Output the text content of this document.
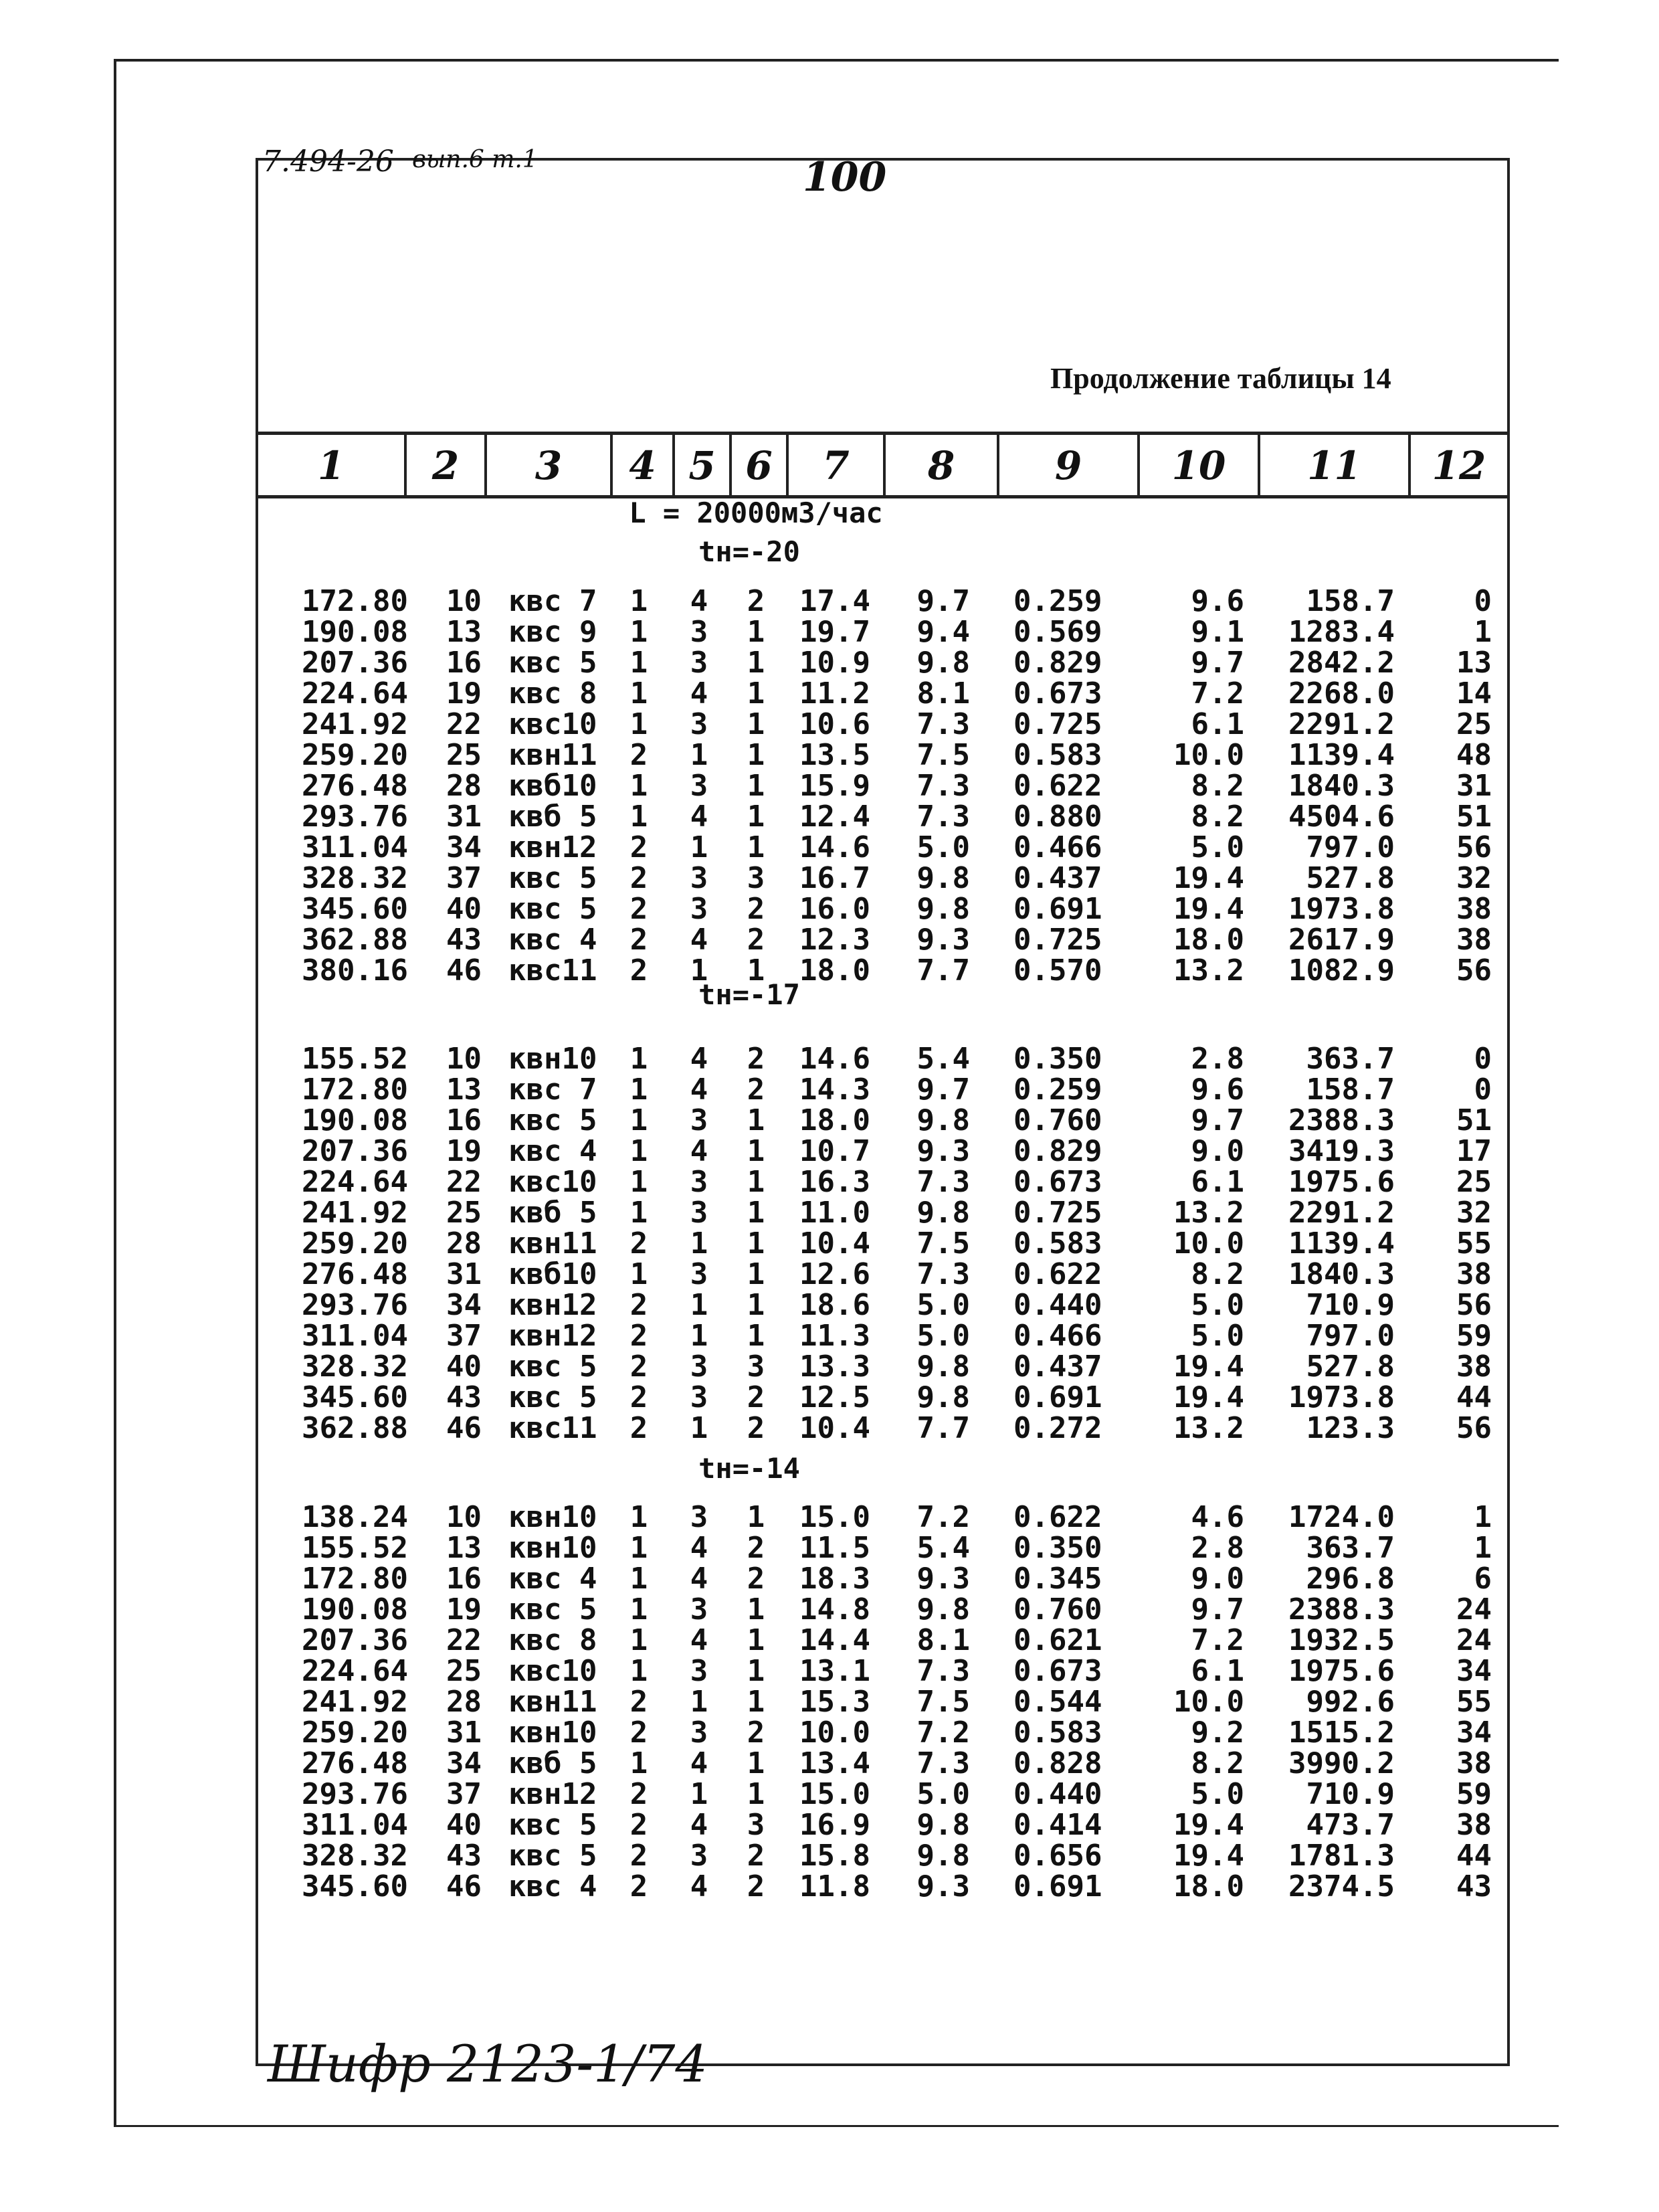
7.494-26 вып.6 т.1	100
Продолжение таблицы 14
1	2	3	4 5 6	7	8	9	10	11	12
L = 20000м3/час
tн=-20
172.80	10 квс 7	1 4 2 17.4	9.7 0.259	9.6	158.7	0
190.08	13 квс 9	1 3 1 19.7	9.4 0.569	9.1	1283.4	1
207.36	16 квс 5	1 3 1 10.9	9.8 0.829	9.7	2842.2	13
224.64	19 квс 8	1 4 1 11.2	8.1 0.673	7.2	2268.0	14
241.92	22 квс10	1 3 1 10.6	7.3 0.725	6.1	2291.2	25
259.20	25 квн11	2 1 1 13.5	7.5 0.583	10.0	1139.4	48
276.48	28 квб10	1 3 1 15.9	7.3 0.622	8.2	1840.3	31
293.76	31 квб 5	1 4 1 12.4	7.3 0.880	8.2	4504.6	51
311.04	34 квн12	2 1 1 14.6	5.0 0.466	5.0	797.0	56
328.32	37 квс 5	2 3 3 16.7	9.8 0.437	19.4	527.8	32
345.60	40 квс 5	2 3 2 16.0	9.8 0.691	19.4	1973.8	38
362.88	43 квс 4	2 4 2 12.3	9.3 0.725	18.0	2617.9	38
380.16	46 квс11	2 1 1 18.0	7.7 0.570	13.2	1082.9	56
tн=-17
155.52	10 квн10	1 4 2 14.6	5.4 0.350	2.8	363.7	0
172.80	13 квс 7	1 4 2 14.3	9.7 0.259	9.6	158.7	0
190.08	16 квс 5	1 3 1 18.0	9.8 0.760	9.7	2388.3	51
207.36	19 квс 4	1 4 1 10.7	9.3 0.829	9.0	3419.3	17
224.64	22 квс10	1 3 1 16.3	7.3 0.673	6.1	1975.6	25
241.92	25 квб 5	1 3 1 11.0	9.8 0.725	13.2	2291.2	32
259.20	28 квн11	2 1 1 10.4	7.5 0.583	10.0	1139.4	55
276.48	31 квб10	1 3 1 12.6	7.3 0.622	8.2	1840.3	38
293.76	34 квн12	2 1 1 18.6	5.0 0.440	5.0	710.9	56
311.04	37 квн12	2 1 1 11.3	5.0 0.466	5.0	797.0	59
328.32	40 квс 5	2 3 3 13.3	9.8 0.437	19.4	527.8	38
345.60	43 квс 5	2 3 2 12.5	9.8 0.691	19.4	1973.8	44
362.88	46 квс11	2 1 2 10.4	7.7 0.272	13.2	123.3	56
tн=-14
138.24	10 квн10	1 3 1 15.0	7.2 0.622	4.6	1724.0	1
155.52	13 квн10	1 4 2 11.5	5.4 0.350	2.8	363.7	1
172.80	16 квс 4	1 4 2 18.3	9.3 0.345	9.0	296.8	6
190.08	19 квс 5	1 3 1 14.8	9.8 0.760	9.7	2388.3	24
207.36	22 квс 8	1 4 1 14.4	8.1 0.621	7.2	1932.5	24
224.64	25 квс10	1 3 1 13.1	7.3 0.673	6.1	1975.6	34
241.92	28 квн11	2 1 1 15.3	7.5 0.544	10.0	992.6	55
259.20	31 квн10	2 3 2 10.0	7.2 0.583	9.2	1515.2	34
276.48	34 квб 5	1 4 1 13.4	7.3 0.828	8.2	3990.2	38
293.76	37 квн12	2 1 1 15.0	5.0 0.440	5.0	710.9	59
311.04	40 квс 5	2 4 3 16.9	9.8 0.414	19.4	473.7	38
328.32	43 квс 5	2 3 2 15.8	9.8 0.656	19.4	1781.3	44
345.60	46 квс 4	2 4 2 11.8	9.3 0.691	18.0	2374.5	43
Шифр 2123-1/74
